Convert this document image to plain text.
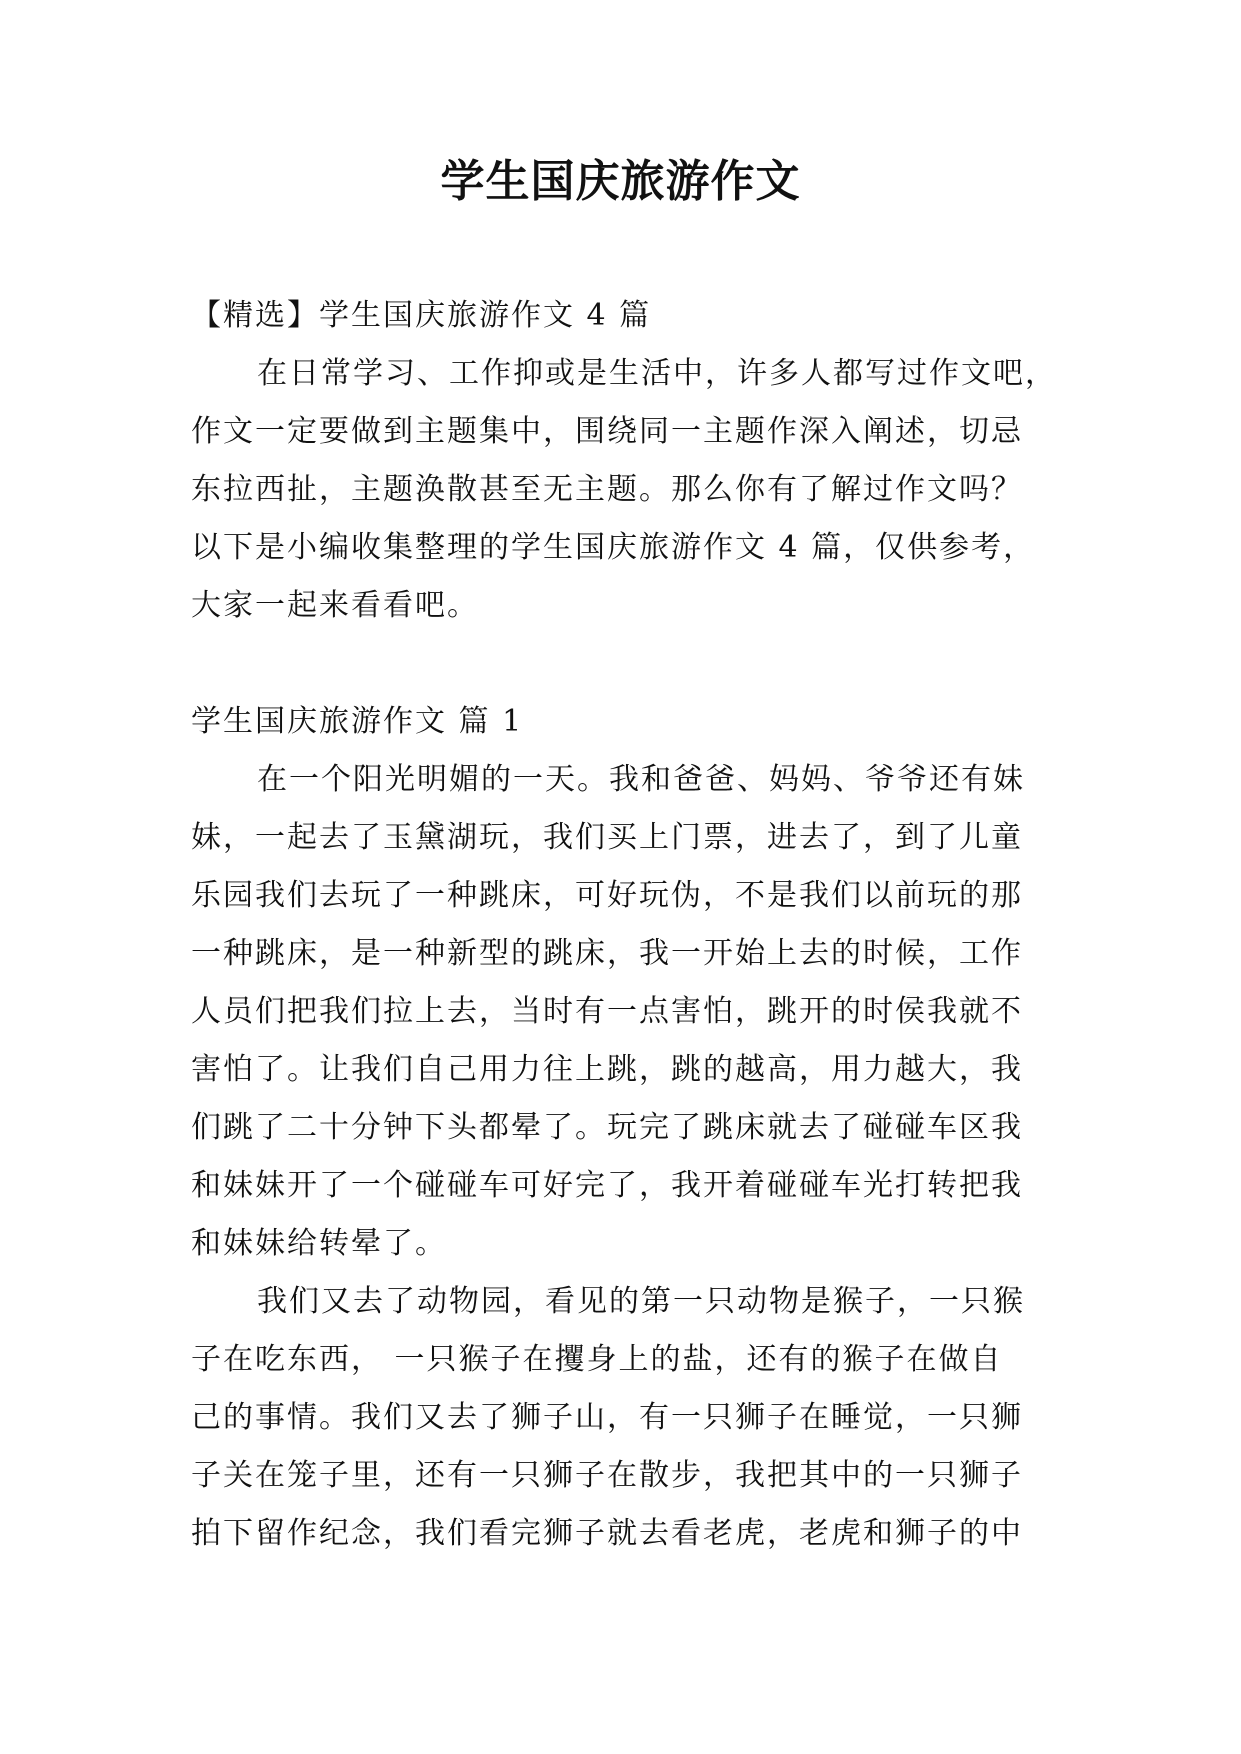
学生国庆旅游作文
【精选】学生国庆旅游作文 4 篇
在日常学习、工作抑或是生活中，许多人都写过作文吧，
作文一定要做到主题集中，围绕同一主题作深入阐述，切忌
东拉西扯，主题涣散甚至无主题。那么你有了解过作文吗？
以下是小编收集整理的学生国庆旅游作文 4 篇，仅供参考，
大家一起来看看吧。
学生国庆旅游作文 篇 1
在一个阳光明媚的一天。我和爸爸、妈妈、爷爷还有妹
妹，一起去了玉黛湖玩，我们买上门票，进去了，到了儿童
乐园我们去玩了一种跳床，可好玩伪，不是我们以前玩的那
一种跳床，是一种新型的跳床，我一开始上去的时候，工作
人员们把我们拉上去，当时有一点害怕，跳开的时侯我就不
害怕了。让我们自己用力往上跳，跳的越高，用力越大，我
们跳了二十分钟下头都晕了。玩完了跳床就去了碰碰车区我
和妹妹开了一个碰碰车可好完了，我开着碰碰车光打转把我
和妹妹给转晕了。
我们又去了动物园，看见的第一只动物是猴子，一只猴
子在吃东西， 一只猴子在攫身上的盐，还有的猴子在做自
己的事情。我们又去了狮子山，有一只狮子在睡觉，一只狮
子关在笼子里，还有一只狮子在散步，我把其中的一只狮子
拍下留作纪念，我们看完狮子就去看老虎，老虎和狮子的中
